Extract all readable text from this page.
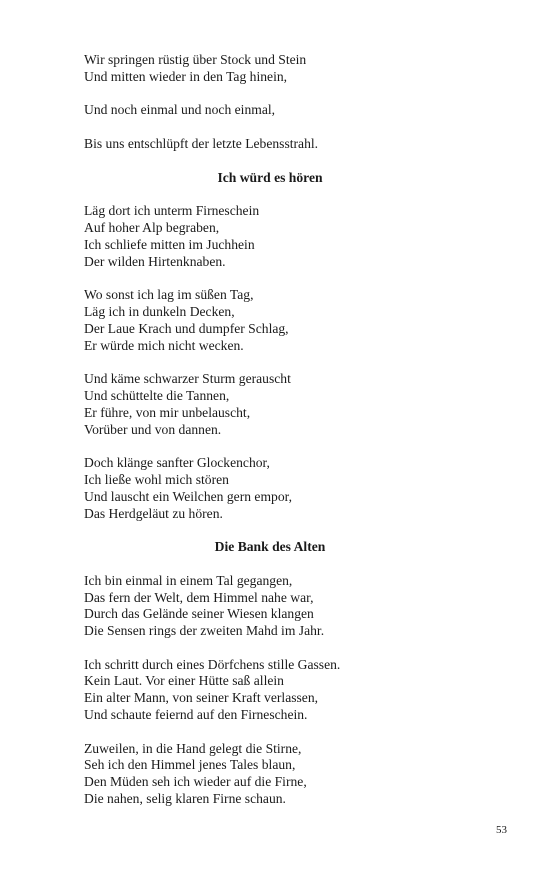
Wir springen rüstig über Stock und Stein
Und mitten wieder in den Tag hinein,
Und noch einmal und noch einmal,
Bis uns entschlüpft der letzte Lebensstrahl.
Ich würd es hören
Läg dort ich unterm Firneschein
Auf hoher Alp begraben,
Ich schliefe mitten im Juchhein
Der wilden Hirtenknaben.
Wo sonst ich lag im süßen Tag,
Läg ich in dunkeln Decken,
Der Laue Krach und dumpfer Schlag,
Er würde mich nicht wecken.
Und käme schwarzer Sturm gerauscht
Und schüttelte die Tannen,
Er führe, von mir unbelauscht,
Vorüber und von dannen.
Doch klänge sanfter Glockenchor,
Ich ließe wohl mich stören
Und lauscht ein Weilchen gern empor,
Das Herdgeläut zu hören.
Die Bank des Alten
Ich bin einmal in einem Tal gegangen,
Das fern der Welt, dem Himmel nahe war,
Durch das Gelände seiner Wiesen klangen
Die Sensen rings der zweiten Mahd im Jahr.
Ich schritt durch eines Dörfchens stille Gassen.
Kein Laut. Vor einer Hütte saß allein
Ein alter Mann, von seiner Kraft verlassen,
Und schaute feiernd auf den Firneschein.
Zuweilen, in die Hand gelegt die Stirne,
Seh ich den Himmel jenes Tales blaun,
Den Müden seh ich wieder auf die Firne,
Die nahen, selig klaren Firne schaun.
53
